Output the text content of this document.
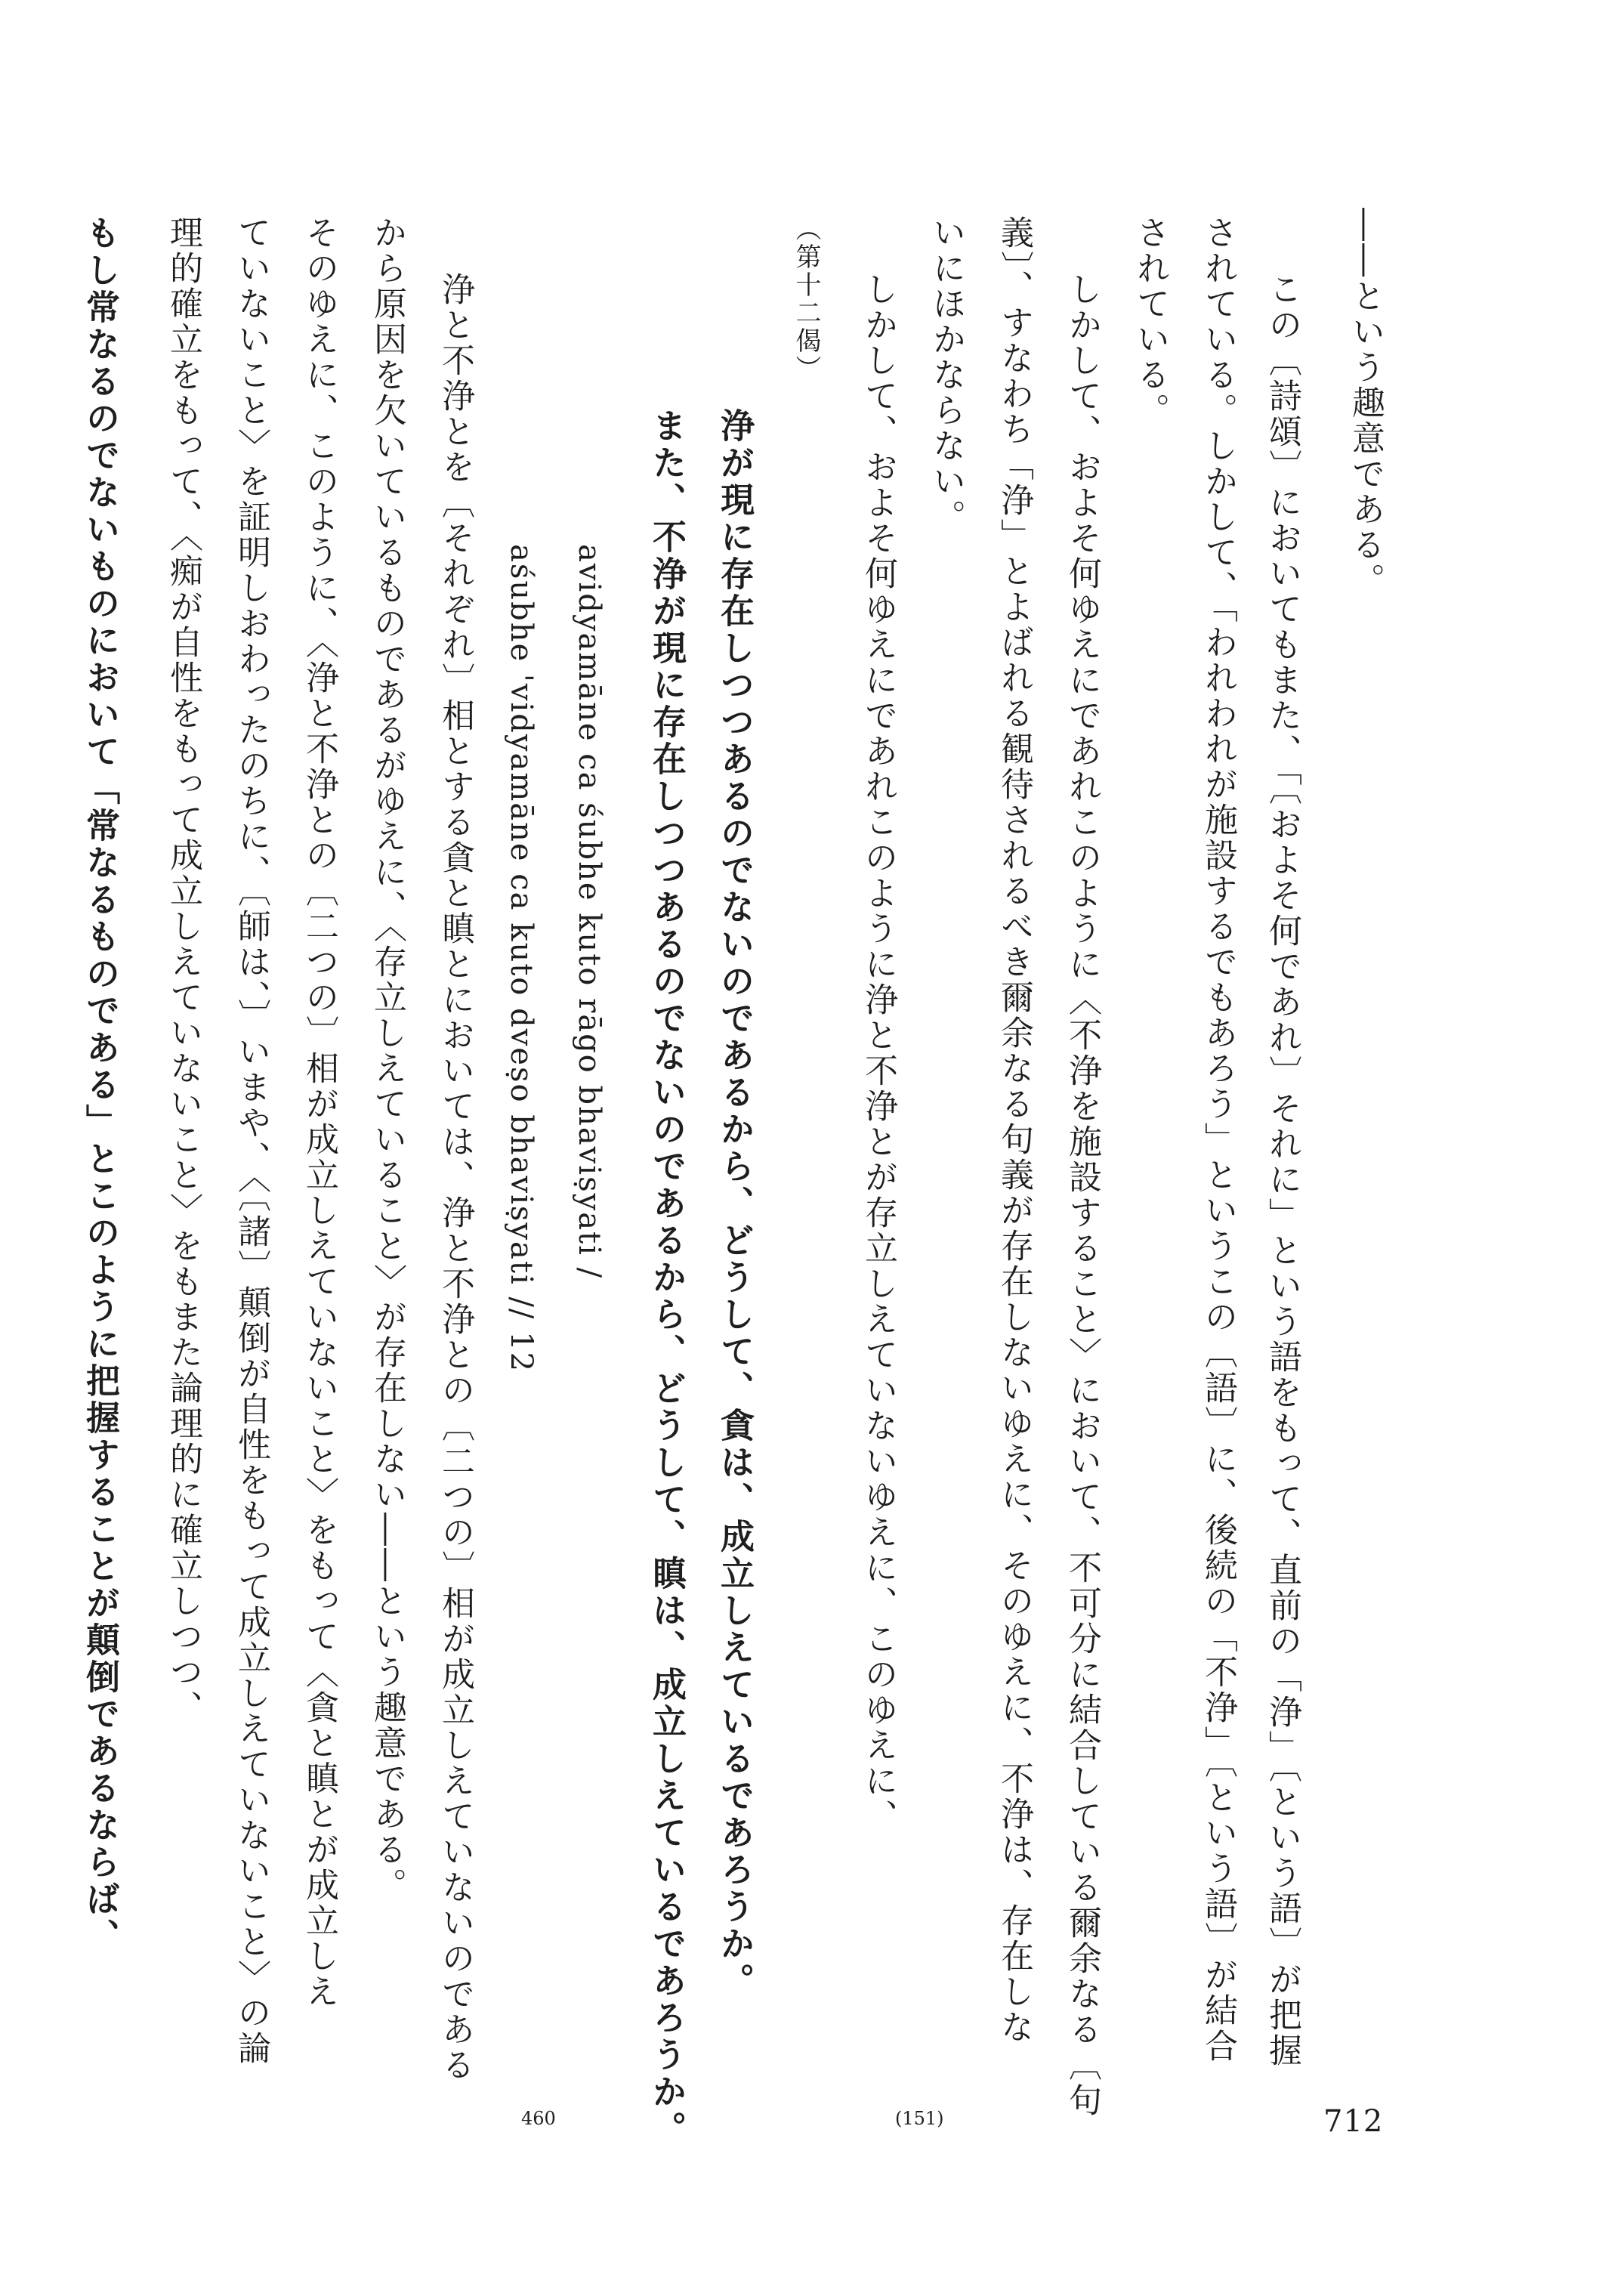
――という趣意である。
この〔詩頌〕においてもまた、「〔およそ何であれ〕それに」という語をもって、直前の「浄」〔という語〕が把握
されている。しかして、「われわれが施設するでもあろう」というこの〔語〕に、後続の「不浄」〔という語〕が結合
されている。
しかして、およそ何ゆえにであれこのように〈不浄を施設すること〉において、不可分に結合している爾余なる〔句
義〕、すなわち「浄」とよばれる観待されるべき爾余なる句義が存在しないゆえに、そのゆえに、不浄は、存在しな
いにほかならない。
しかして、およそ何ゆえにであれこのように浄と不浄とが存立しえていないゆえに、このゆえに、
（第十二偈）
浄が現に存在しつつあるのでないのであるから、どうして、貪は、成立しえているであろうか。
また、不浄が現に存在しつつあるのでないのであるから、どうして、瞋は、成立しえているであろうか。
avidyamāne ca śubhe kuto rāgo bhaviṣyati /
aśubhe 'vidyamāne ca kuto dveṣo bhaviṣyati // 12
浄と不浄とを〔それぞれ〕相とする貪と瞋とにおいては、浄と不浄との〔二つの〕相が成立しえていないのである
から原因を欠いているものであるがゆえに、〈存立しえていること〉が存在しない――という趣意である。
そのゆえに、このように、〈浄と不浄との〔二つの〕相が成立しえていないこと〉をもって〈貪と瞋とが成立しえ
ていないこと〉を証明しおわったのちに、〔師は、〕いまや、〈〔諸〕顛倒が自性をもって成立しえていないこと〉の論
理的確立をもって、〈痴が自性をもって成立しえていないこと〉をもまた論理的に確立しつつ、
もし常なるのでないものにおいて「常なるものである」とこのように把握することが顛倒であるならば、
712
(151)
460
